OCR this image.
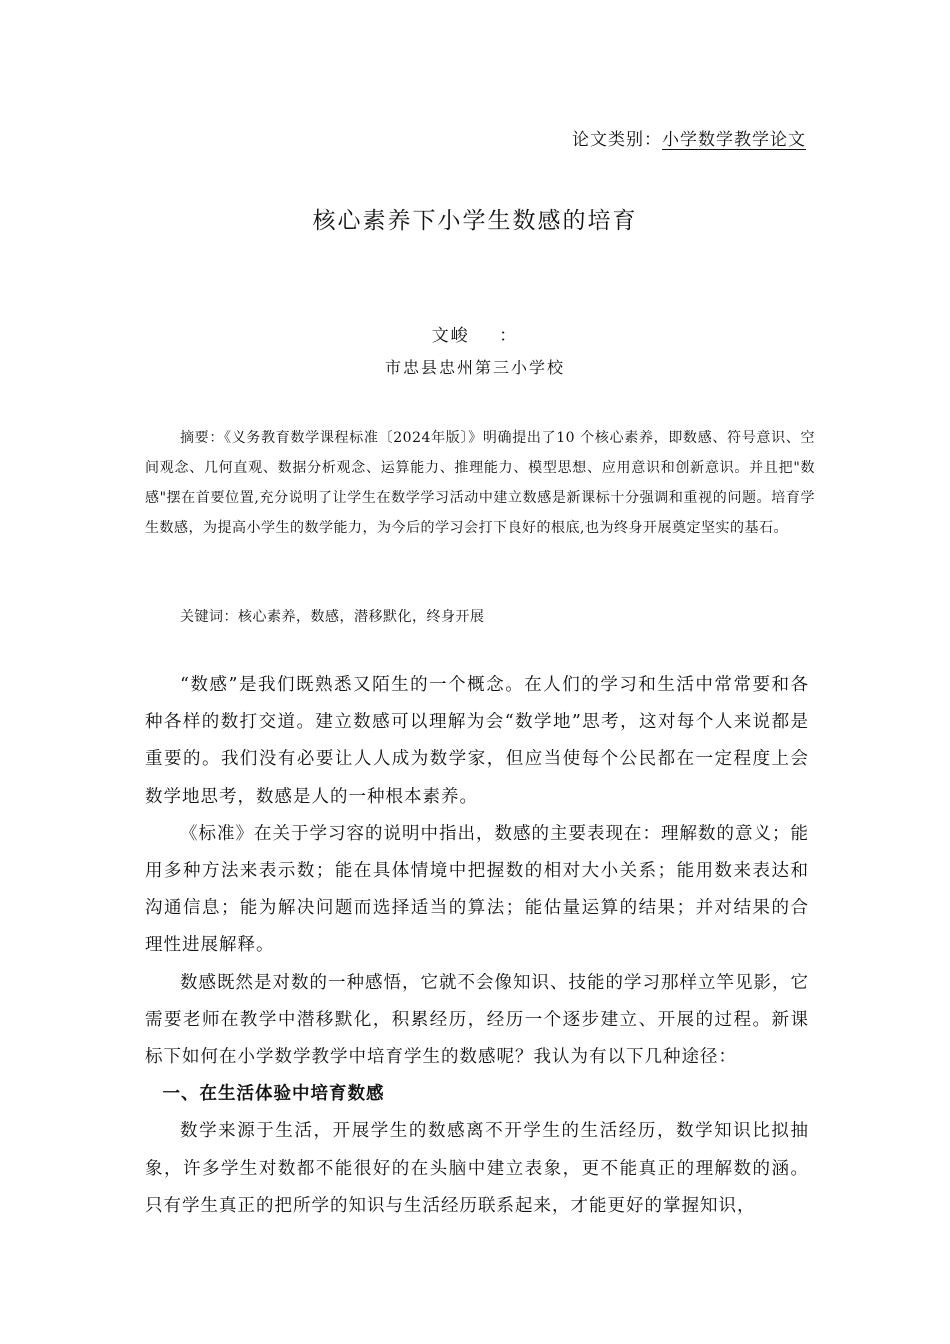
论文类别：小学数学教学论文
核心素养下小学生数感的培育
文峻    ：
市忠县忠州第三小学校

摘要：《义务教育数学课程标准〔2024年版〕》明确提出了10 个核心素养，即数感、符号意识、空间观念、几何直观、数据分析观念、运算能力、推理能力、模型思想、应用意识和创新意识。并且把"数感"摆在首要位置,充分说明了让学生在数学学习活动中建立数感是新课标十分强调和重视的问题。培育学生数感，为提高小学生的数学能力，为今后的学习会打下良好的根底,也为终身开展奠定坚实的基石。

关键词：核心素养，数感，潜移默化，终身开展

“数感”是我们既熟悉又陌生的一个概念。在人们的学习和生活中常常要和各种各样的数打交道。建立数感可以理解为会“数学地”思考，这对每个人来说都是重要的。我们没有必要让人人成为数学家，但应当使每个公民都在一定程度上会数学地思考，数感是人的一种根本素养。

《标准》在关于学习容的说明中指出，数感的主要表现在：理解数的意义；能用多种方法来表示数；能在具体情境中把握数的相对大小关系；能用数来表达和沟通信息；能为解决问题而选择适当的算法；能估量运算的结果；并对结果的合理性进展解释。

数感既然是对数的一种感悟，它就不会像知识、技能的学习那样立竿见影，它需要老师在教学中潜移默化，积累经历，经历一个逐步建立、开展的过程。新课标下如何在小学数学教学中培育学生的数感呢？我认为有以下几种途径：

一、在生活体验中培育数感

数学来源于生活，开展学生的数感离不开学生的生活经历，数学知识比拟抽象，许多学生对数都不能很好的在头脑中建立表象，更不能真正的理解数的涵。只有学生真正的把所学的知识与生活经历联系起来，才能更好的掌握知识，
